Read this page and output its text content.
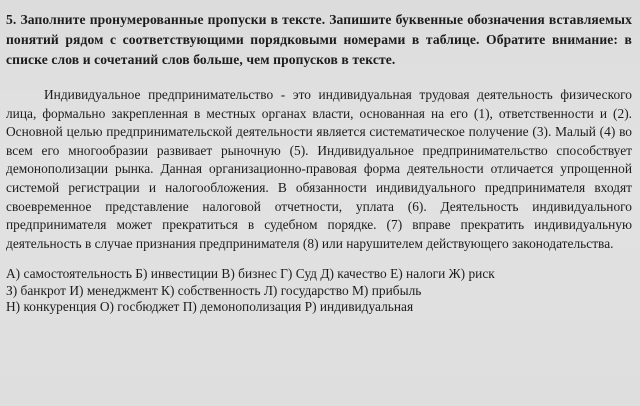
5. Заполните пронумерованные пропуски в тексте. Запишите буквенные обозначения вставляемых понятий рядом с соответствующими порядковыми номерами в таблице. Обратите внимание: в списке слов и сочетаний слов больше, чем пропусков в тексте.

Индивидуальное предпринимательство - это индивидуальная трудовая деятельность физического лица, формально закрепленная в местных органах власти, основанная на его (1), ответственности и (2). Основной целью предпринимательской деятельности является систематическое получение (3). Малый (4) во всем его многообразии развивает рыночную (5). Индивидуальное предпринимательство способствует демонополизации рынка. Данная организационно-правовая форма деятельности отличается упрощенной системой регистрации и налогообложения. В обязанности индивидуального предпринимателя входят своевременное представление налоговой отчетности, уплата (6). Деятельность индивидуального предпринимателя может прекратиться в судебном порядке. (7) вправе прекратить индивидуальную деятельность в случае признания предпринимателя (8) или нарушителем действующего законодательства.

А) самостоятельность Б) инвестиции В) бизнес Г) Суд Д) качество Е) налоги Ж) риск
З) банкрот И) менеджмент К) собственность Л) государство М) прибыль
Н) конкуренция О) госбюджет П) демонополизация Р) индивидуальная
